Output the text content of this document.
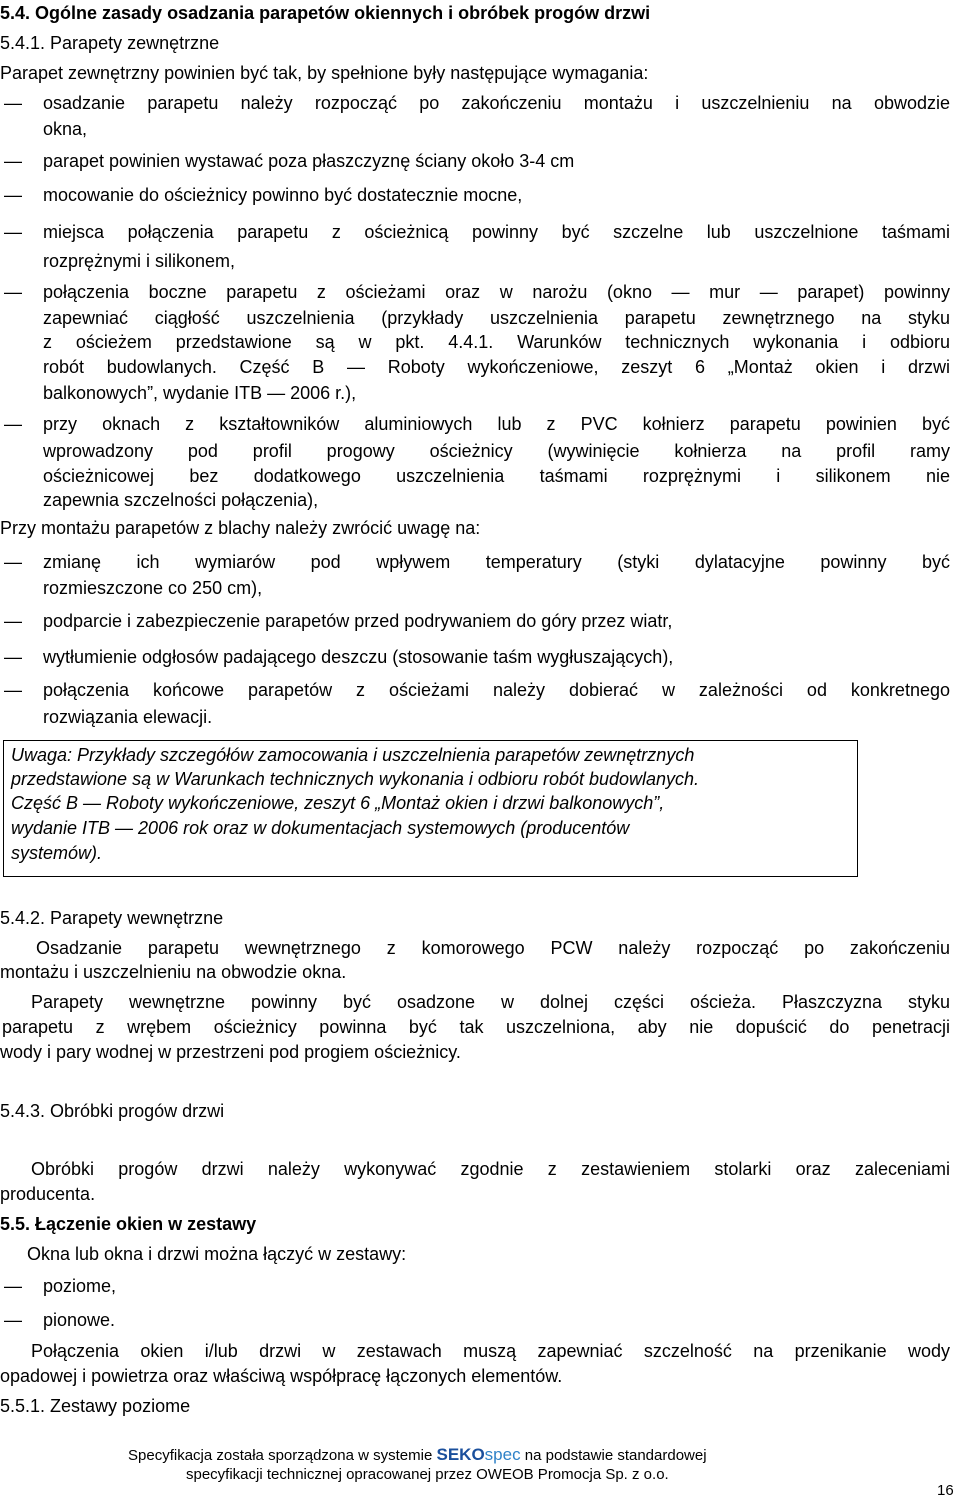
5.4. Ogólne zasady osadzania parapetów okiennych i obróbek progów drzwi
5.4.1. Parapety zewnętrzne
Parapet zewnętrzny powinien być tak, by spełnione były następujące wymagania:
― osadzanie parapetu należy rozpocząć po zakończeniu montażu i uszczelnieniu na obwodzie
okna,
― parapet powinien wystawać poza płaszczyznę ściany około 3-4 cm
― mocowanie do ościeżnicy powinno być dostatecznie mocne,
― miejsca połączenia parapetu z ościeżnicą powinny być szczelne lub uszczelnione taśmami
rozprężnymi i silikonem,
― połączenia boczne parapetu z ościeżami oraz w narożu (okno ― mur ― parapet) powinny
zapewniać ciągłość uszczelnienia (przykłady uszczelnienia parapetu zewnętrznego na styku
z ościeżem przedstawione są w pkt. 4.4.1. Warunków technicznych wykonania i odbioru
robót budowlanych. Część B ― Roboty wykończeniowe, zeszyt 6 „Montaż okien i drzwi
balkonowych”, wydanie ITB ― 2006 r.),
― przy oknach z kształtowników aluminiowych lub z PVC kołnierz parapetu powinien być
wprowadzony pod profil progowy ościeżnicy (wywinięcie kołnierza na profil ramy
ościeżnicowej bez dodatkowego uszczelnienia taśmami rozprężnymi i silikonem nie
zapewnia szczelności połączenia),
Przy montażu parapetów z blachy należy zwrócić uwagę na:
― zmianę ich wymiarów pod wpływem temperatury (styki dylatacyjne powinny być
rozmieszczone co 250 cm),
― podparcie i zabezpieczenie parapetów przed podrywaniem do góry przez wiatr,
― wytłumienie odgłosów padającego deszczu (stosowanie taśm wygłuszających),
― połączenia końcowe parapetów z ościeżami należy dobierać w zależności od konkretnego
rozwiązania elewacji.
Uwaga: Przykłady szczegółów zamocowania i uszczelnienia parapetów zewnętrznych
przedstawione są w Warunkach technicznych wykonania i odbioru robót budowlanych.
Część B ― Roboty wykończeniowe, zeszyt 6 „Montaż okien i drzwi balkonowych”,
wydanie ITB ― 2006 rok oraz w dokumentacjach systemowych (producentów
systemów).
5.4.2. Parapety wewnętrzne
Osadzanie parapetu wewnętrznego z komorowego PCW należy rozpocząć po zakończeniu
montażu i uszczelnieniu na obwodzie okna.
Parapety wewnętrzne powinny być osadzone w dolnej części ościeża. Płaszczyzna styku
parapetu z wrębem ościeżnicy powinna być tak uszczelniona, aby nie dopuścić do penetracji
wody i pary wodnej w przestrzeni pod progiem ościeżnicy.
5.4.3. Obróbki progów drzwi
Obróbki progów drzwi należy wykonywać zgodnie z zestawieniem stolarki oraz zaleceniami
producenta.
5.5. Łączenie okien w zestawy
Okna lub okna i drzwi można łączyć w zestawy:
― poziome,
― pionowe.
Połączenia okien i/lub drzwi w zestawach muszą zapewniać szczelność na przenikanie wody
opadowej i powietrza oraz właściwą współpracę łączonych elementów.
5.5.1. Zestawy poziome
Specyfikacja została sporządzona w systemie SEKOspec na podstawie standardowej
specyfikacji technicznej opracowanej przez OWEOB Promocja Sp. z o.o.
16
